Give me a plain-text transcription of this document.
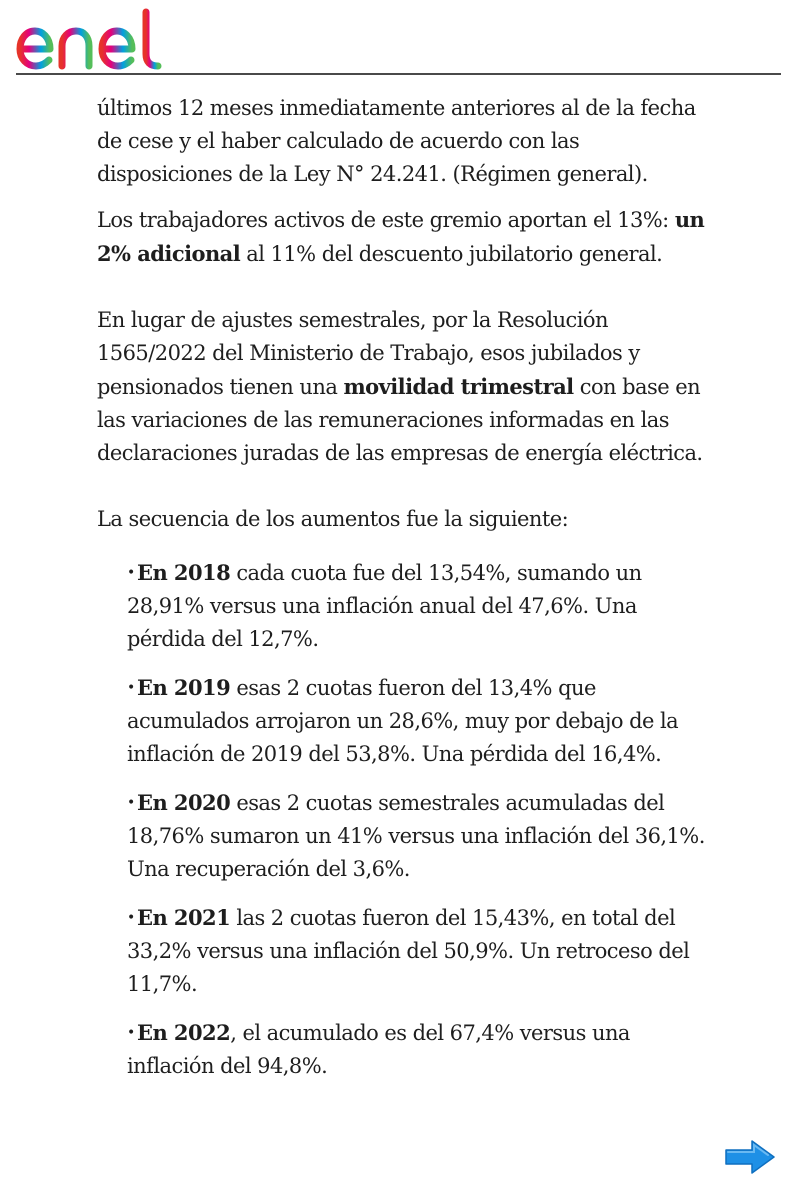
últimos 12 meses inmediatamente anteriores al de la fecha de cese y el haber calculado de acuerdo con las disposiciones de la Ley N° 24.241. (Régimen general).

Los trabajadores activos de este gremio aportan el 13%: un 2% adicional al 11% del descuento jubilatorio general.

En lugar de ajustes semestrales, por la Resolución 1565/2022 del Ministerio de Trabajo, esos jubilados y pensionados tienen una movilidad trimestral con base en las variaciones de las remuneraciones informadas en las declaraciones juradas de las empresas de energía eléctrica.

La secuencia de los aumentos fue la siguiente:

• En 2018 cada cuota fue del 13,54%, sumando un 28,91% versus una inflación anual del 47,6%. Una pérdida del 12,7%.

• En 2019 esas 2 cuotas fueron del 13,4% que acumulados arrojaron un 28,6%, muy por debajo de la inflación de 2019 del 53,8%. Una pérdida del 16,4%.

• En 2020 esas 2 cuotas semestrales acumuladas del 18,76% sumaron un 41% versus una inflación del 36,1%. Una recuperación del 3,6%.

• En 2021 las 2 cuotas fueron del 15,43%, en total del 33,2% versus una inflación del 50,9%. Un retroceso del 11,7%.

• En 2022, el acumulado es del 67,4% versus una inflación del 94,8%.
